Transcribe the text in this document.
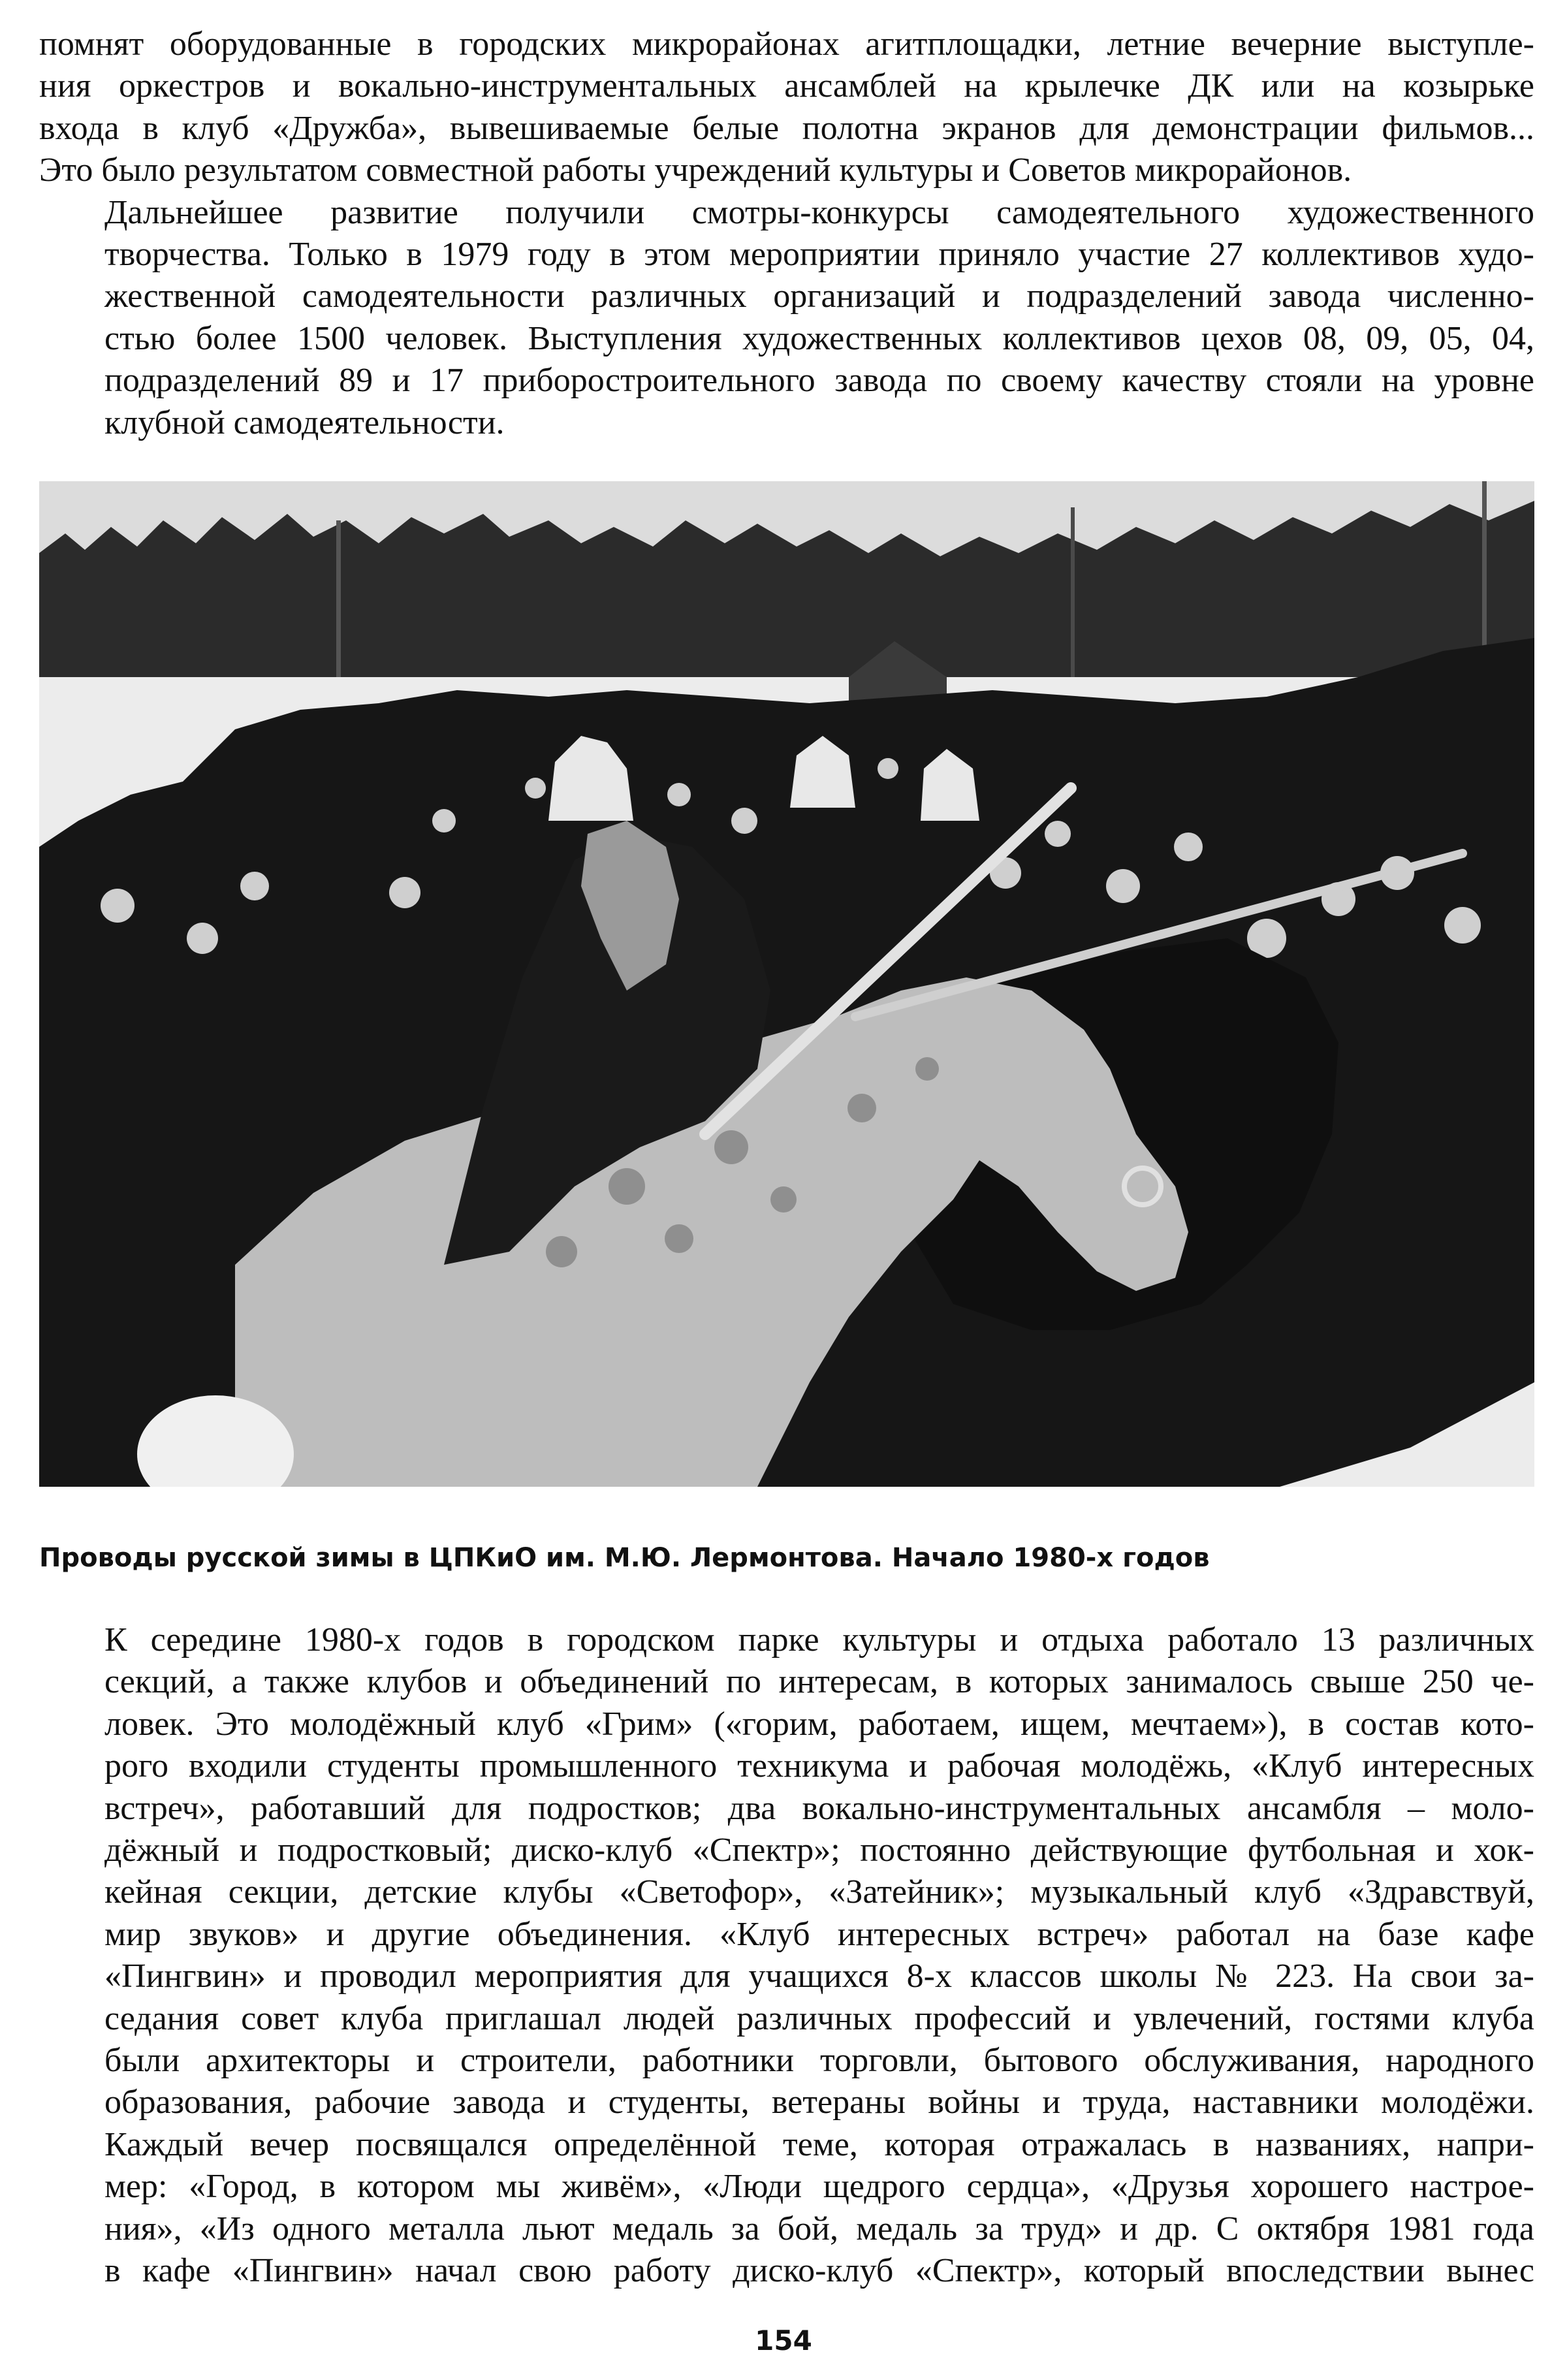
помнят оборудованные в городских микрорайонах агитплощадки, летние вечерние выступле-
ния оркестров и вокально-инструментальных ансамблей на крылечке ДК или на козырьке
входа в клуб «Дружба», вывешиваемые белые полотна экранов для демонстрации фильмов...
Это было результатом совместной работы учреждений культуры и Советов микрорайонов.

Дальнейшее развитие получили смотры-конкурсы самодеятельного художественного
творчества. Только в 1979 году в этом мероприятии приняло участие 27 коллективов худо-
жественной самодеятельности различных организаций и подразделений завода численно-
стью более 1500 человек. Выступления художественных коллективов цехов 08, 09, 05, 04,
подразделений 89 и 17 приборостроительного завода по своему качеству стояли на уровне
клубной самодеятельности.

Проводы русской зимы в ЦПКиО им. М.Ю. Лермонтова. Начало 1980-х годов

К середине 1980-х годов в городском парке культуры и отдыха работало 13 различных
секций, а также клубов и объединений по интересам, в которых занималось свыше 250 че-
ловек. Это молодёжный клуб «Грим» («горим, работаем, ищем, мечтаем»), в состав кото-
рого входили студенты промышленного техникума и рабочая молодёжь, «Клуб интересных
встреч», работавший для подростков; два вокально-инструментальных ансамбля – моло-
дёжный и подростковый; диско-клуб «Спектр»; постоянно действующие футбольная и хок-
кейная секции, детские клубы «Светофор», «Затейник»; музыкальный клуб «Здравствуй,
мир звуков» и другие объединения. «Клуб интересных встреч» работал на базе кафе
«Пингвин» и проводил мероприятия для учащихся 8-х классов школы № 223. На свои за-
седания совет клуба приглашал людей различных профессий и увлечений, гостями клуба
были архитекторы и строители, работники торговли, бытового обслуживания, народного
образования, рабочие завода и студенты, ветераны войны и труда, наставники молодёжи.
Каждый вечер посвящался определённой теме, которая отражалась в названиях, напри-
мер: «Город, в котором мы живём», «Люди щедрого сердца», «Друзья хорошего настрое-
ния», «Из одного металла льют медаль за бой, медаль за труд» и др. С октября 1981 года
в кафе «Пингвин» начал свою работу диско-клуб «Спектр», который впоследствии вынес

154
